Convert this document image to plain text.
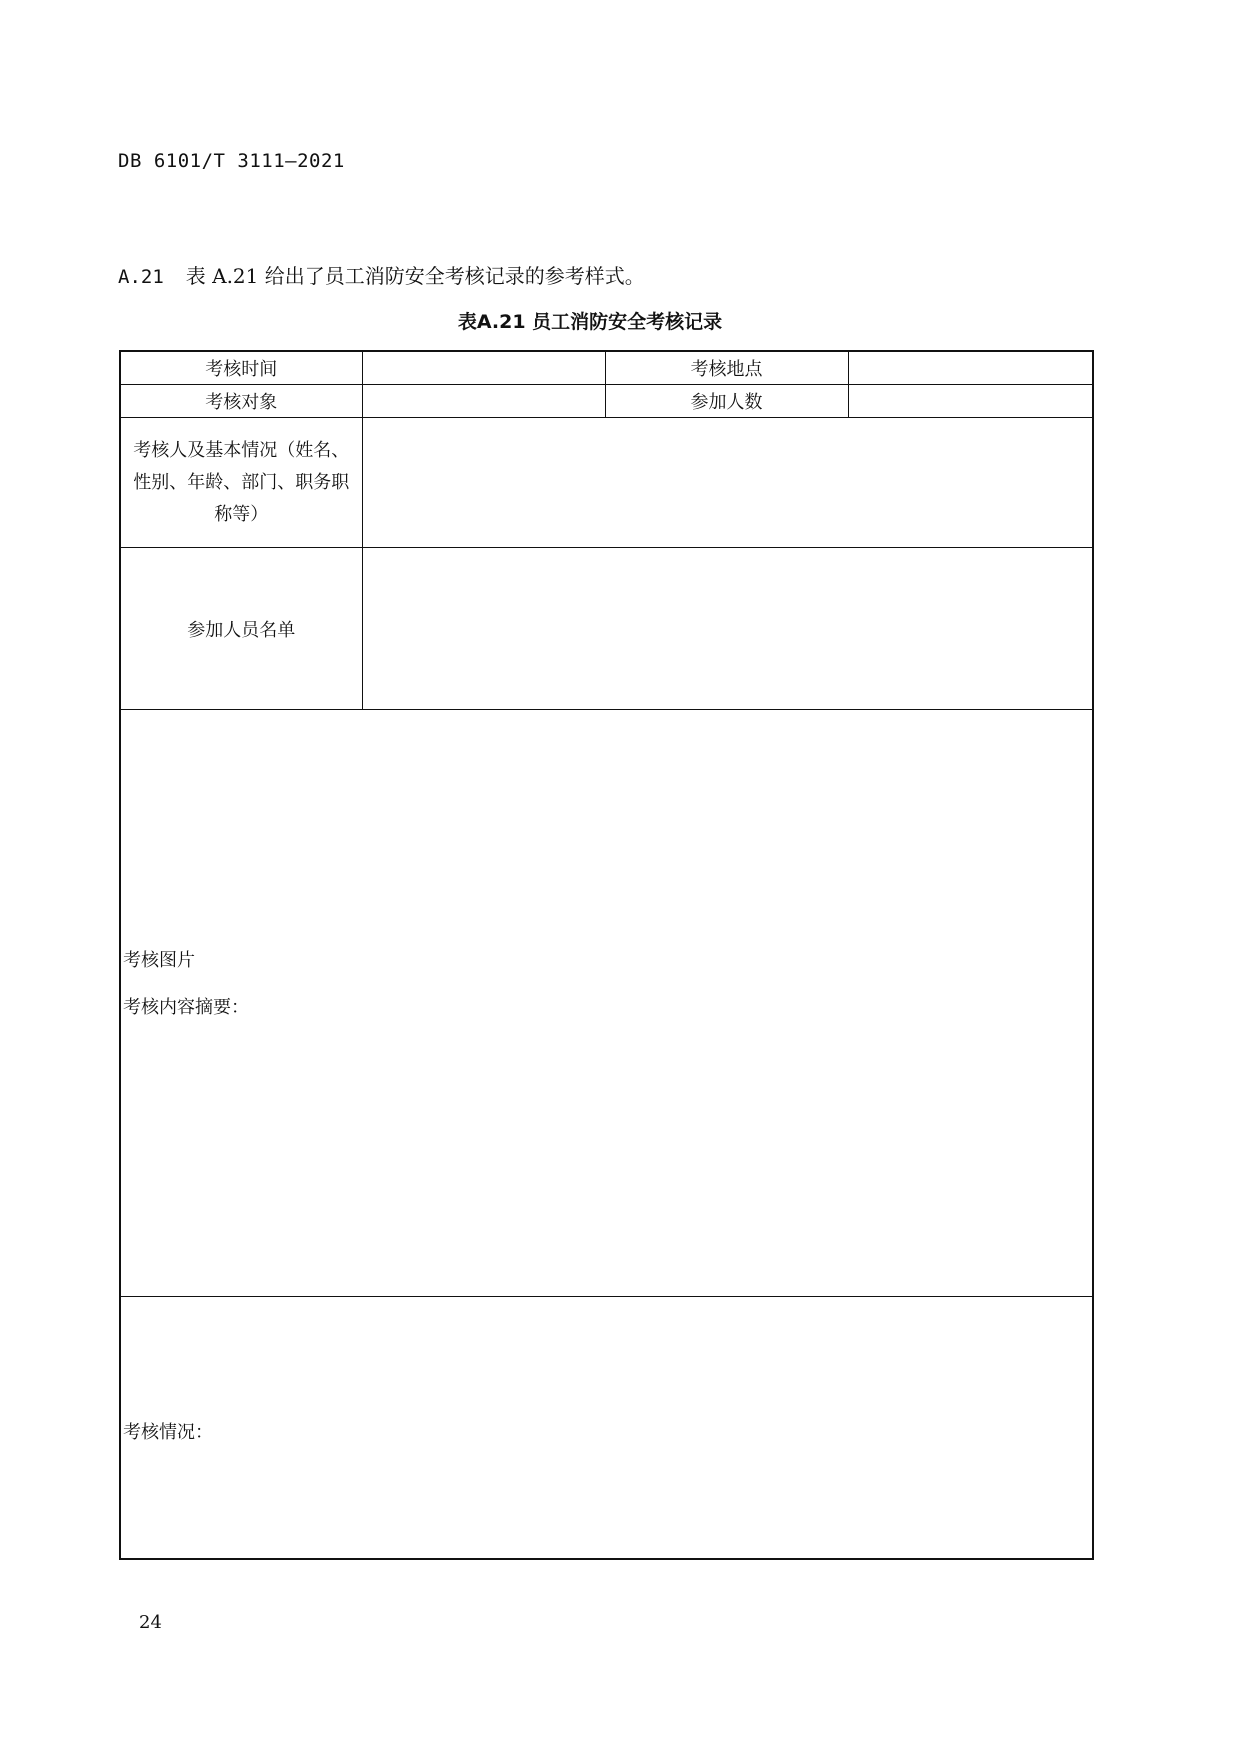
DB 6101/T 3111—2021
A.21 表 A.21 给出了员工消防安全考核记录的参考样式。
表A.21 员工消防安全考核记录
考核时间		考核地点	
考核对象		参加人数	

考核人及基本情况（姓名、性别、年龄、部门、职务职称等）			

参加人员名单			

考核内容摘要：
考核图片			

考核情况：			
24
